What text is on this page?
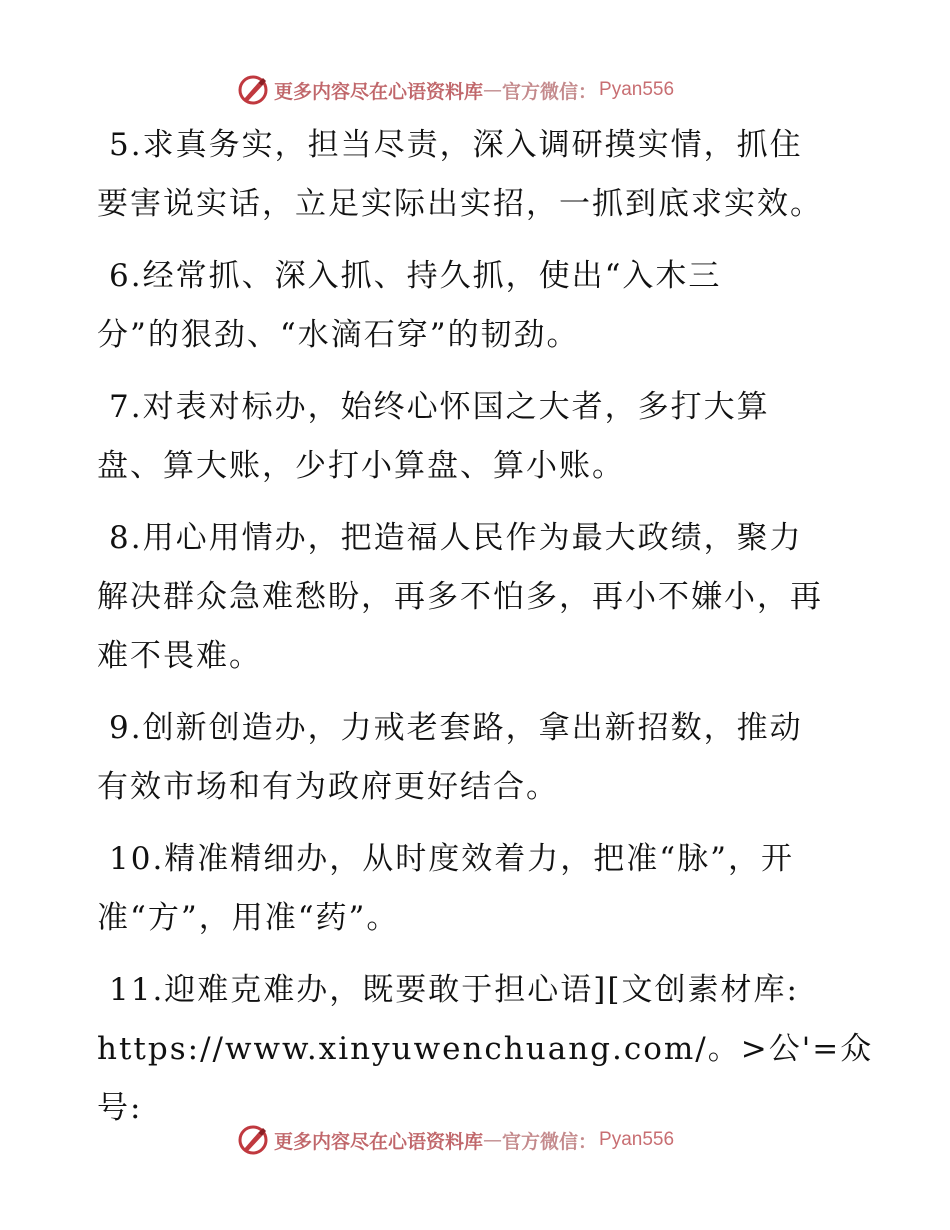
更多内容尽在心语资料库 — 官方微信： Pyan556

5.求真务实，担当尽责，深入调研摸实情，抓住
要害说实话，立足实际出实招，一抓到底求实效。

6.经常抓、深入抓、持久抓，使出“入木三
分”的狠劲、“水滴石穿”的韧劲。

7.对表对标办，始终心怀国之大者，多打大算
盘、算大账，少打小算盘、算小账。

8.用心用情办，把造福人民作为最大政绩，聚力
解决群众急难愁盼，再多不怕多，再小不嫌小，再
难不畏难。

9.创新创造办，力戒老套路，拿出新招数，推动
有效市场和有为政府更好结合。

10.精准精细办，从时度效着力，把准“脉”，开
准“方”，用准“药”。

11.迎难克难办，既要敢于担心语][文创素材库:
https://www.xinyuwenchuang.com/。>公'=众号:

更多内容尽在心语资料库 — 官方微信： Pyan556
